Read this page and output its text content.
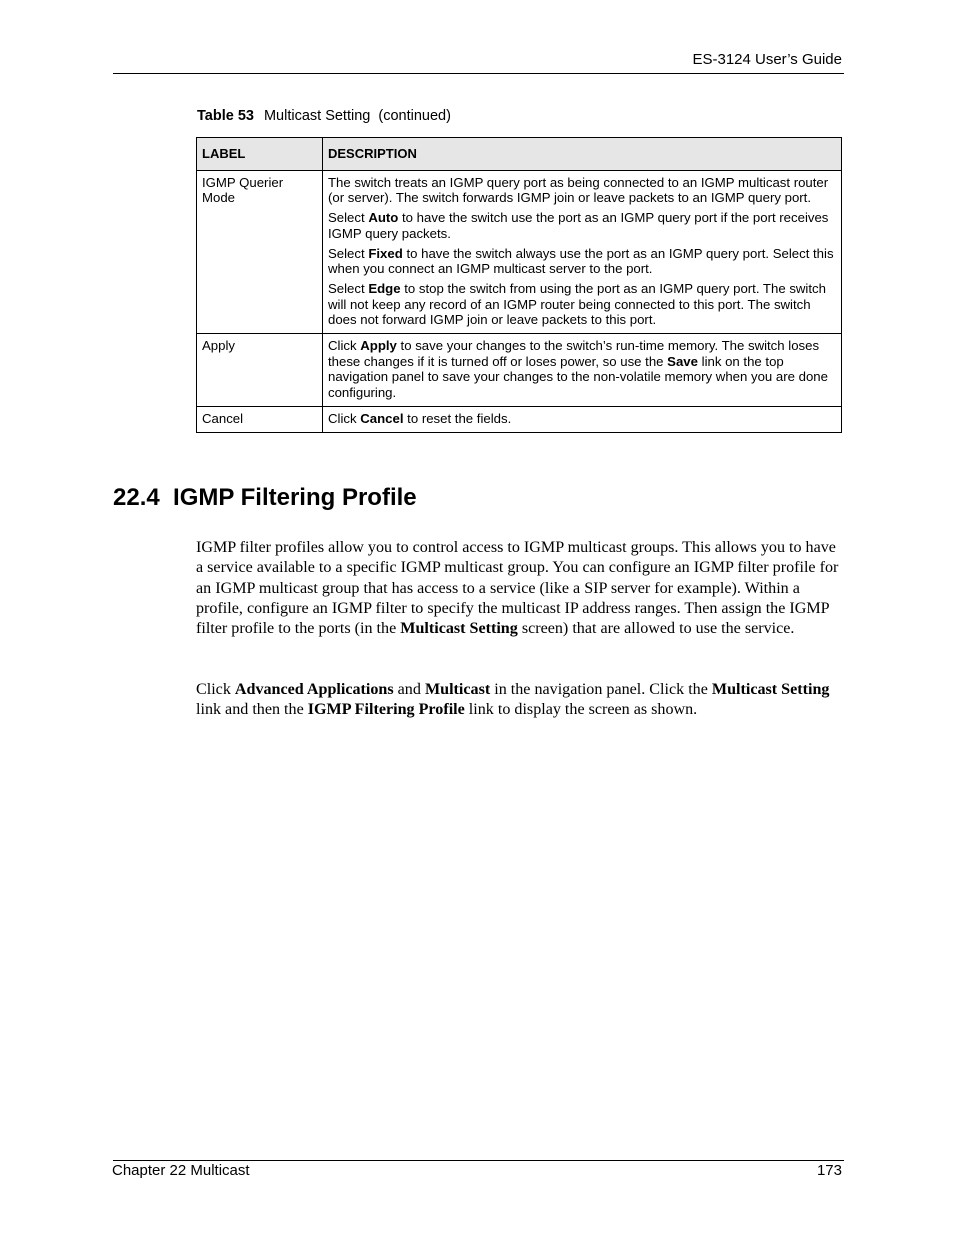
ES-3124 User’s Guide
Table 53 Multicast Setting  (continued)
LABEL	DESCRIPTION
IGMP Querier Mode	The switch treats an IGMP query port as being connected to an IGMP multicast router (or server). The switch forwards IGMP join or leave packets to an IGMP query port.

Select Auto to have the switch use the port as an IGMP query port if the port receives IGMP query packets.

Select Fixed to have the switch always use the port as an IGMP query port. Select this when you connect an IGMP multicast server to the port.

Select Edge to stop the switch from using the port as an IGMP query port. The switch will not keep any record of an IGMP router being connected to this port. The switch does not forward IGMP join or leave packets to this port.

Apply	Click Apply to save your changes to the switch’s run-time memory. The switch loses these changes if it is turned off or loses power, so use the Save link on the top navigation panel to save your changes to the non-volatile memory when you are done configuring.

Cancel	Click Cancel to reset the fields.

22.4  IGMP Filtering Profile

IGMP filter profiles allow you to control access to IGMP multicast groups. This allows you to have a service available to a specific IGMP multicast group. You can configure an IGMP filter profile for an IGMP multicast group that has access to a service (like a SIP server for example). Within a profile, configure an IGMP filter to specify the multicast IP address ranges. Then assign the IGMP filter profile to the ports (in the Multicast Setting screen) that are allowed to use the service.

Click Advanced Applications and Multicast in the navigation panel. Click the Multicast Setting link and then the IGMP Filtering Profile link to display the screen as shown.

Chapter 22 Multicast	173
